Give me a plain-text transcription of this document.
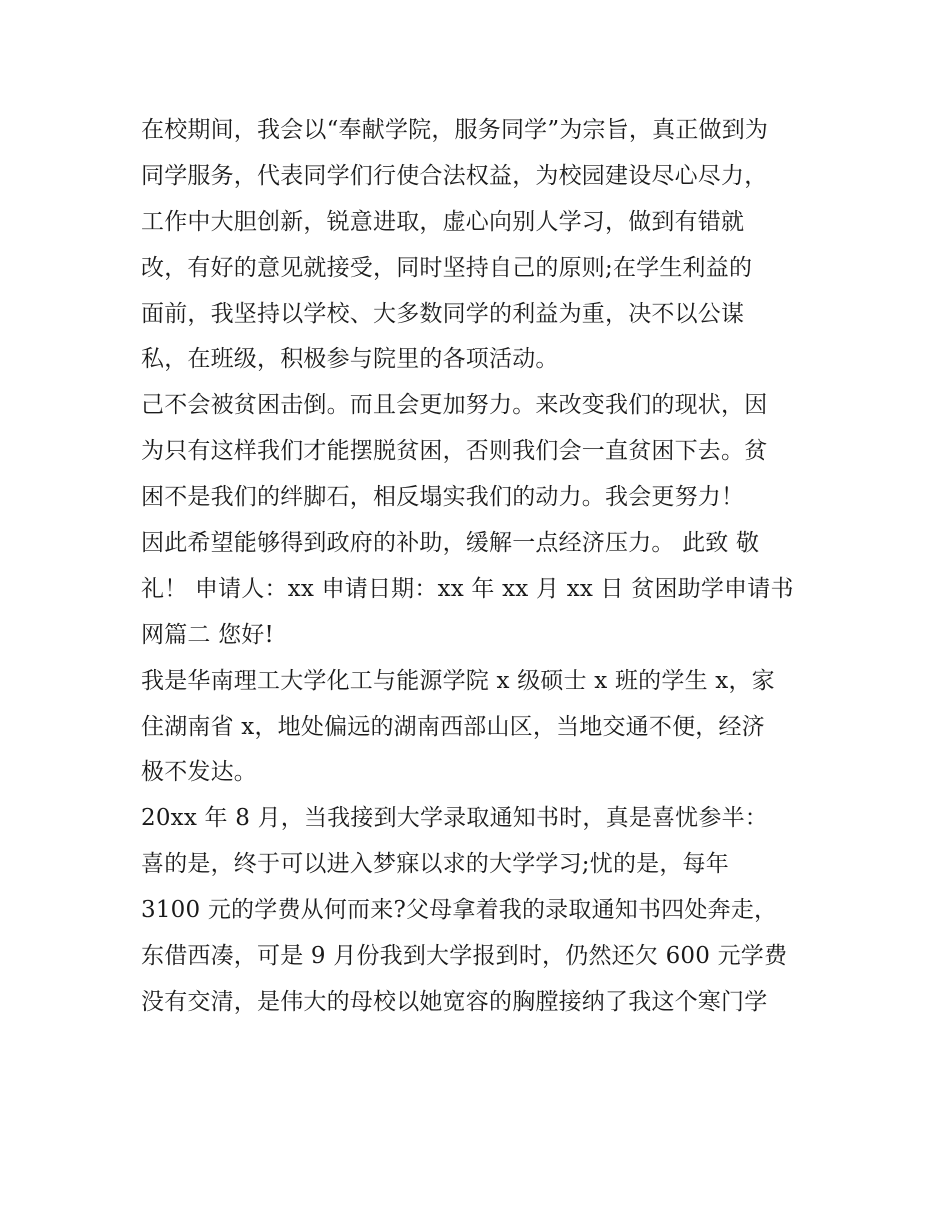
在校期间，我会以“奉献学院，服务同学”为宗旨，真正做到为
同学服务，代表同学们行使合法权益，为校园建设尽心尽力，
工作中大胆创新，锐意进取，虚心向别人学习，做到有错就
改，有好的意见就接受，同时坚持自己的原则;在学生利益的
面前，我坚持以学校、大多数同学的利益为重，决不以公谋
私，在班级，积极参与院里的各项活动。
己不会被贫困击倒。而且会更加努力。来改变我们的现状，因
为只有这样我们才能摆脱贫困，否则我们会一直贫困下去。贫
困不是我们的绊脚石，相反塌实我们的动力。我会更努力！
因此希望能够得到政府的补助，缓解一点经济压力。 此致 敬
礼！ 申请人：xx 申请日期：xx 年 xx 月 xx 日 贫困助学申请书
网篇二 您好!
我是华南理工大学化工与能源学院 x 级硕士 x 班的学生 x，家
住湖南省 x，地处偏远的湖南西部山区，当地交通不便，经济
极不发达。
20xx 年 8 月，当我接到大学录取通知书时，真是喜忧参半：
喜的是，终于可以进入梦寐以求的大学学习;忧的是，每年
3100 元的学费从何而来?父母拿着我的录取通知书四处奔走，
东借西凑，可是 9 月份我到大学报到时，仍然还欠 600 元学费
没有交清，是伟大的母校以她宽容的胸膛接纳了我这个寒门学
